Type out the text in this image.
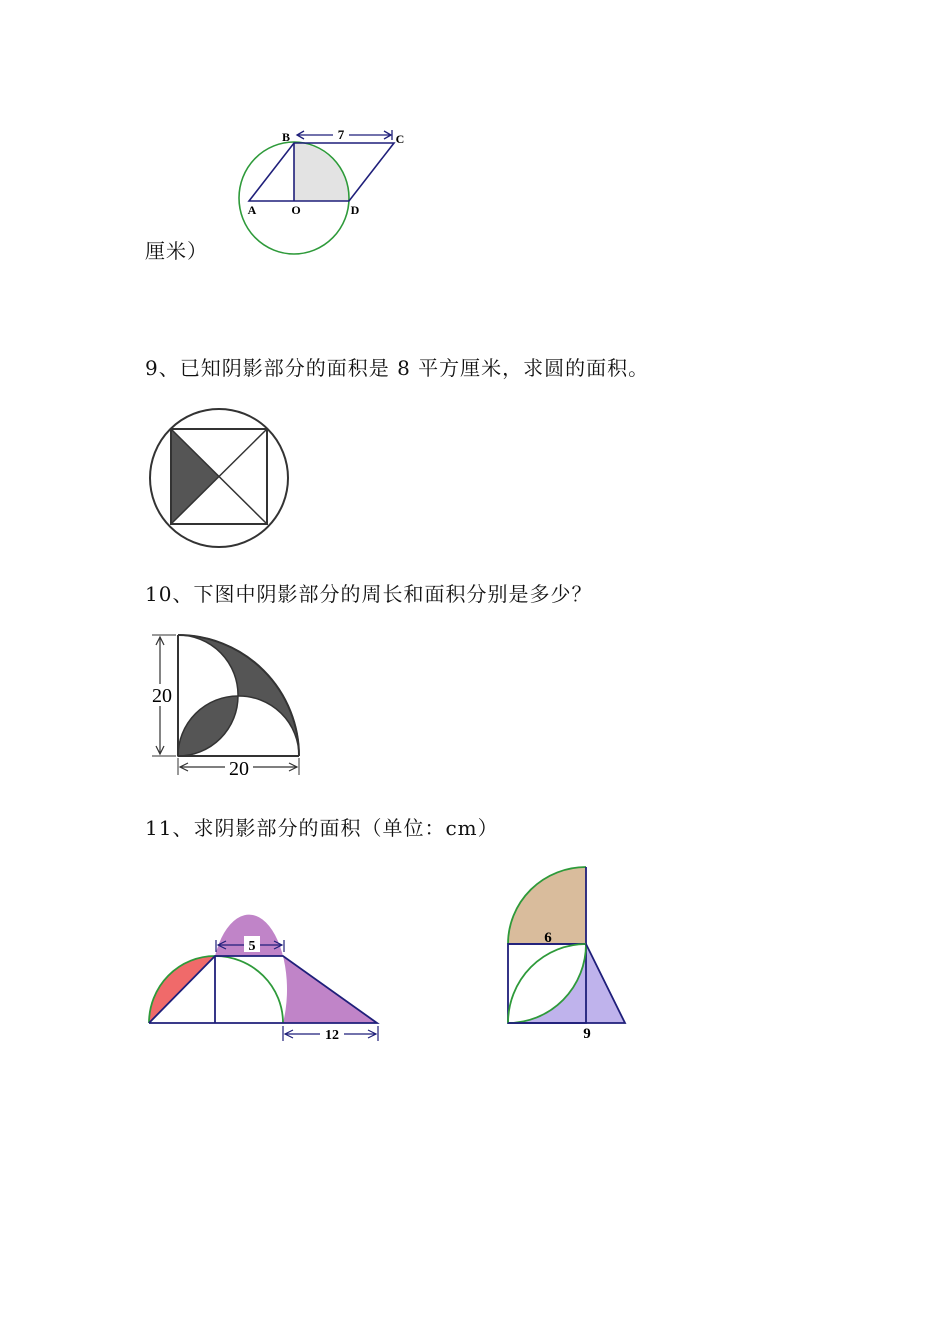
7
B	C
A	O	D
厘米）
9、已知阴影部分的面积是 8 平方厘米，求圆的面积。
10、下图中阴影部分的周长和面积分别是多少？
20
20
11、求阴影部分的面积（单位：cm）
5
12
6
9
